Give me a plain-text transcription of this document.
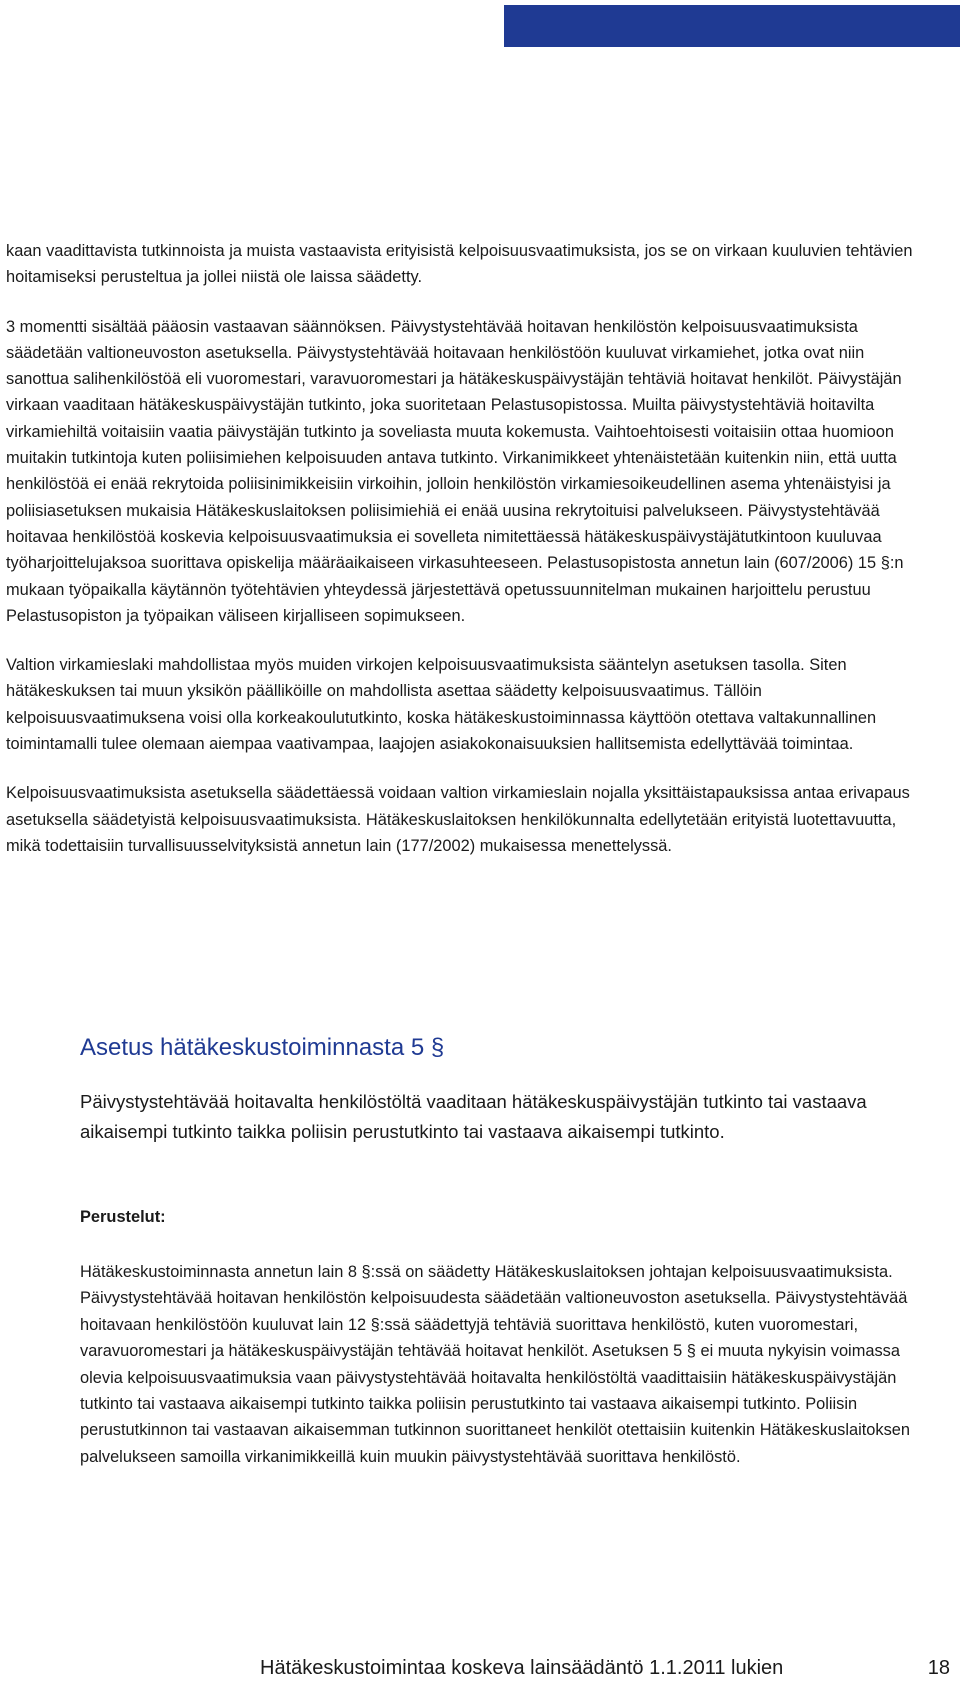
kaan vaadittavista tutkinnoista ja muista vastaavista erityisistä kelpoisuusvaatimuksista, jos se on virkaan kuuluvien tehtävien hoitamiseksi perusteltua ja jollei niistä ole laissa säädetty.

3 momentti sisältää pääosin vastaavan säännöksen. Päivystystehtävää hoitavan henkilöstön kelpoisuusvaatimuksista säädetään valtioneuvoston asetuksella. Päivystystehtävää hoitavaan henkilöstöön kuuluvat virkamiehet, jotka ovat niin sanottua salihenkilöstöä eli vuoromestari, varavuoromestari ja hätäkeskuspäivystäjän tehtäviä hoitavat henkilöt. Päivystäjän virkaan vaaditaan hätäkeskuspäivystäjän tutkinto, joka suoritetaan Pelastusopistossa. Muilta päivystystehtäviä hoitavilta virkamiehiltä voitaisiin vaatia päivystäjän tutkinto ja soveliasta muuta kokemusta. Vaihtoehtoisesti voitaisiin ottaa huomioon muitakin tutkintoja kuten poliisimiehen kelpoisuuden antava tutkinto. Virkanimikkeet yhtenäistetään kuitenkin niin, että uutta henkilöstöä ei enää rekrytoida poliisinimikkeisiin virkoihin, jolloin henkilöstön virkamiesoikeudellinen asema yhtenäistyisi ja poliisiasetuksen mukaisia Hätäkeskuslaitoksen poliisimiehiä ei enää uusina rekrytoituisi palvelukseen. Päivystystehtävää hoitavaa henkilöstöä koskevia kelpoisuusvaatimuksia ei sovelleta nimitettäessä hätäkeskuspäivystäjätutkintoon kuuluvaa työharjoittelujaksoa suorittava opiskelija määräaikaiseen virkasuhteeseen. Pelastusopistosta annetun lain (607/2006) 15 §:n mukaan työpaikalla käytännön työtehtävien yhteydessä järjestettävä opetussuunnitelman mukainen harjoittelu perustuu Pelastusopiston ja työpaikan väliseen kirjalliseen sopimukseen.

Valtion virkamieslaki mahdollistaa myös muiden virkojen kelpoisuusvaatimuksista sääntelyn asetuksen tasolla. Siten hätäkeskuksen tai muun yksikön päälliköille on mahdollista asettaa säädetty kelpoisuusvaatimus. Tällöin kelpoisuusvaatimuksena voisi olla korkeakoulututkinto, koska hätäkeskustoiminnassa käyttöön otettava valtakunnallinen toimintamalli tulee olemaan aiempaa vaativampaa, laajojen asiakokonaisuuksien hallitsemista edellyttävää toimintaa.

Kelpoisuusvaatimuksista asetuksella säädettäessä voidaan valtion virkamieslain nojalla yksittäistapauksissa antaa erivapaus asetuksella säädetyistä kelpoisuusvaatimuksista. Hätäkeskuslaitoksen henkilökunnalta edellytetään erityistä luotettavuutta, mikä todettaisiin turvallisuusselvityksistä annetun lain (177/2002) mukaisessa menettelyssä.

Asetus hätäkeskustoiminnasta 5 §

Päivystystehtävää hoitavalta henkilöstöltä vaaditaan hätäkeskuspäivystäjän tutkinto tai vastaava aikaisempi tutkinto taikka poliisin perustutkinto tai vastaava aikaisempi tutkinto.

Perustelut:

Hätäkeskustoiminnasta annetun lain 8 §:ssä on säädetty Hätäkeskuslaitoksen johtajan kelpoisuusvaatimuksista. Päivystystehtävää hoitavan henkilöstön kelpoisuudesta säädetään valtioneuvoston asetuksella. Päivystystehtävää hoitavaan henkilöstöön kuuluvat lain 12 §:ssä säädettyjä tehtäviä suorittava henkilöstö, kuten vuoromestari, varavuoromestari ja hätäkeskuspäivystäjän tehtävää hoitavat henkilöt. Asetuksen 5 § ei muuta nykyisin voimassa olevia kelpoisuusvaatimuksia vaan päivystystehtävää hoitavalta henkilöstöltä vaadittaisiin hätäkeskuspäivystäjän tutkinto tai vastaava aikaisempi tutkinto taikka poliisin perustutkinto tai vastaava aikaisempi tutkinto. Poliisin perustutkinnon tai vastaavan aikaisemman tutkinnon suorittaneet henkilöt otettaisiin kuitenkin Hätäkeskuslaitoksen palvelukseen samoilla virkanimikkeillä kuin muukin päivystystehtävää suorittava henkilöstö.

Hätäkeskustoimintaa koskeva lainsäädäntö 1.1.2011 lukien	18
